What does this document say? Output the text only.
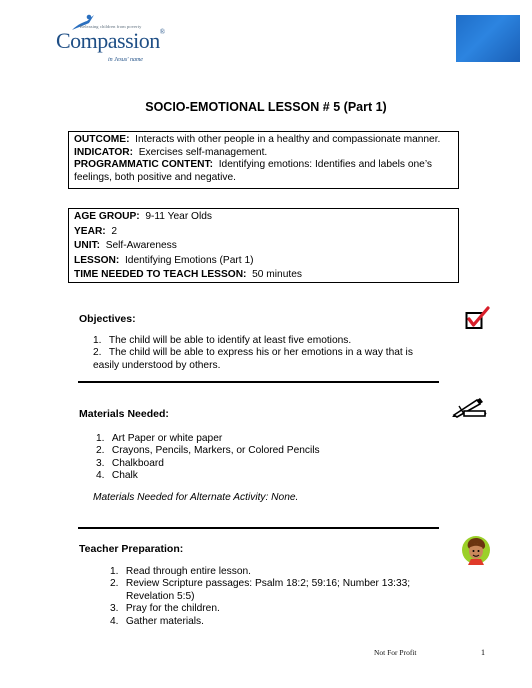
Releasing children from poverty
Compassion®
in Jesus' name
SOCIO-EMOTIONAL LESSON # 5 (Part 1)
OUTCOME: Interacts with other people in a healthy and compassionate manner.
INDICATOR: Exercises self-management.
PROGRAMMATIC CONTENT: Identifying emotions: Identifies and labels one’s
feelings, both positive and negative.
AGE GROUP: 9-11 Year Olds
YEAR: 2
UNIT: Self-Awareness
LESSON: Identifying Emotions (Part 1)
TIME NEEDED TO TEACH LESSON: 50 minutes
Objectives:
1.
The child will be able to identify at least five emotions.
2.
The child will be able to express his or her emotions in a way that is
easily understood by others.
Materials Needed:
1.
Art Paper or white paper
2.
Crayons, Pencils, Markers, or Colored Pencils
3.
Chalkboard
4.
Chalk
Materials Needed for Alternate Activity: None.
Teacher Preparation:
1.
Read through entire lesson.
2.
Review Scripture passages: Psalm 18:2; 59:16; Number 13:33;
Revelation 5:5)
3.
Pray for the children.
4.
Gather materials.
Not For Profit	1
